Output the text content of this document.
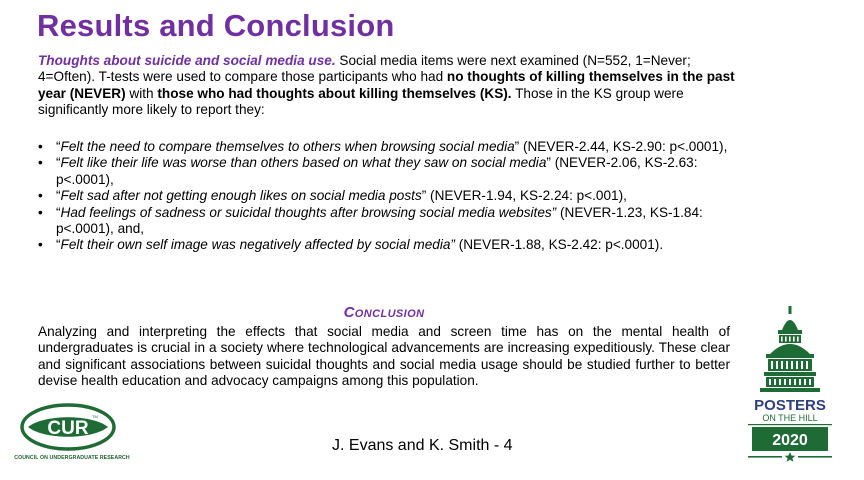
Results and Conclusion
Thoughts about suicide and social media use. Social media items were next examined (N=552, 1=Never; 4=Often). T-tests were used to compare those participants who had no thoughts of killing themselves in the past year (NEVER) with those who had thoughts about killing themselves (KS). Those in the KS group were significantly more likely to report they:
• “Felt the need to compare themselves to others when browsing social media” (NEVER-2.44, KS-2.90: p<.0001),
• “Felt like their life was worse than others based on what they saw on social media” (NEVER-2.06, KS-2.63: p<.0001),
• “Felt sad after not getting enough likes on social media posts” (NEVER-1.94, KS-2.24: p<.001),
• “Had feelings of sadness or suicidal thoughts after browsing social media websites” (NEVER-1.23, KS-1.84: p<.0001), and,
• “Felt their own self image was negatively affected by social media” (NEVER-1.88, KS-2.42: p<.0001).
Conclusion
Analyzing and interpreting the effects that social media and screen time has on the mental health of undergraduates is crucial in a society where technological advancements are increasing expeditiously. These clear and significant associations between suicidal thoughts and social media usage should be studied further to better devise health education and advocacy campaigns among this population.
J. Evans and K. Smith - 4
CUR
TM
COUNCIL ON UNDERGRADUATE RESEARCH
POSTERS
ON THE HILL
2020
